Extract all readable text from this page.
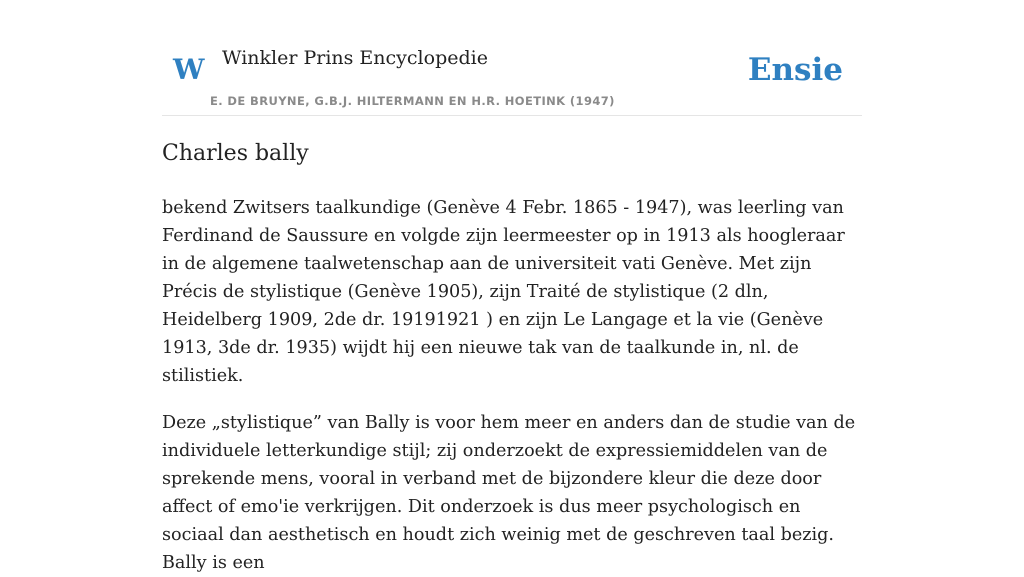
W Winkler Prins Encyclopedie
E. DE BRUYNE, G.B.J. HILTERMANN EN H.R. HOETINK (1947)
Ensie
Charles bally

bekend Zwitsers taalkundige (Genève 4 Febr. 1865 - 1947), was leerling van Ferdinand de Saussure en volgde zijn leermeester op in 1913 als hoogleraar in de algemene taalwetenschap aan de universiteit vati Genève. Met zijn Précis de stylistique (Genève 1905), zijn Traité de stylistique (2 dln, Heidelberg 1909, 2de dr. 19191921 ) en zijn Le Langage et la vie (Genève 1913, 3de dr. 1935) wijdt hij een nieuwe tak van de taalkunde in, nl. de stilistiek.

Deze „stylistique” van Bally is voor hem meer en anders dan de studie van de individuele letterkundige stijl; zij onderzoekt de expressiemiddelen van de sprekende mens, vooral in verband met de bijzondere kleur die deze door affect of emo'ie verkrijgen. Dit onderzoek is dus meer psychologisch en sociaal dan aesthetisch en houdt zich weinig met de geschreven taal bezig. Bally is een
